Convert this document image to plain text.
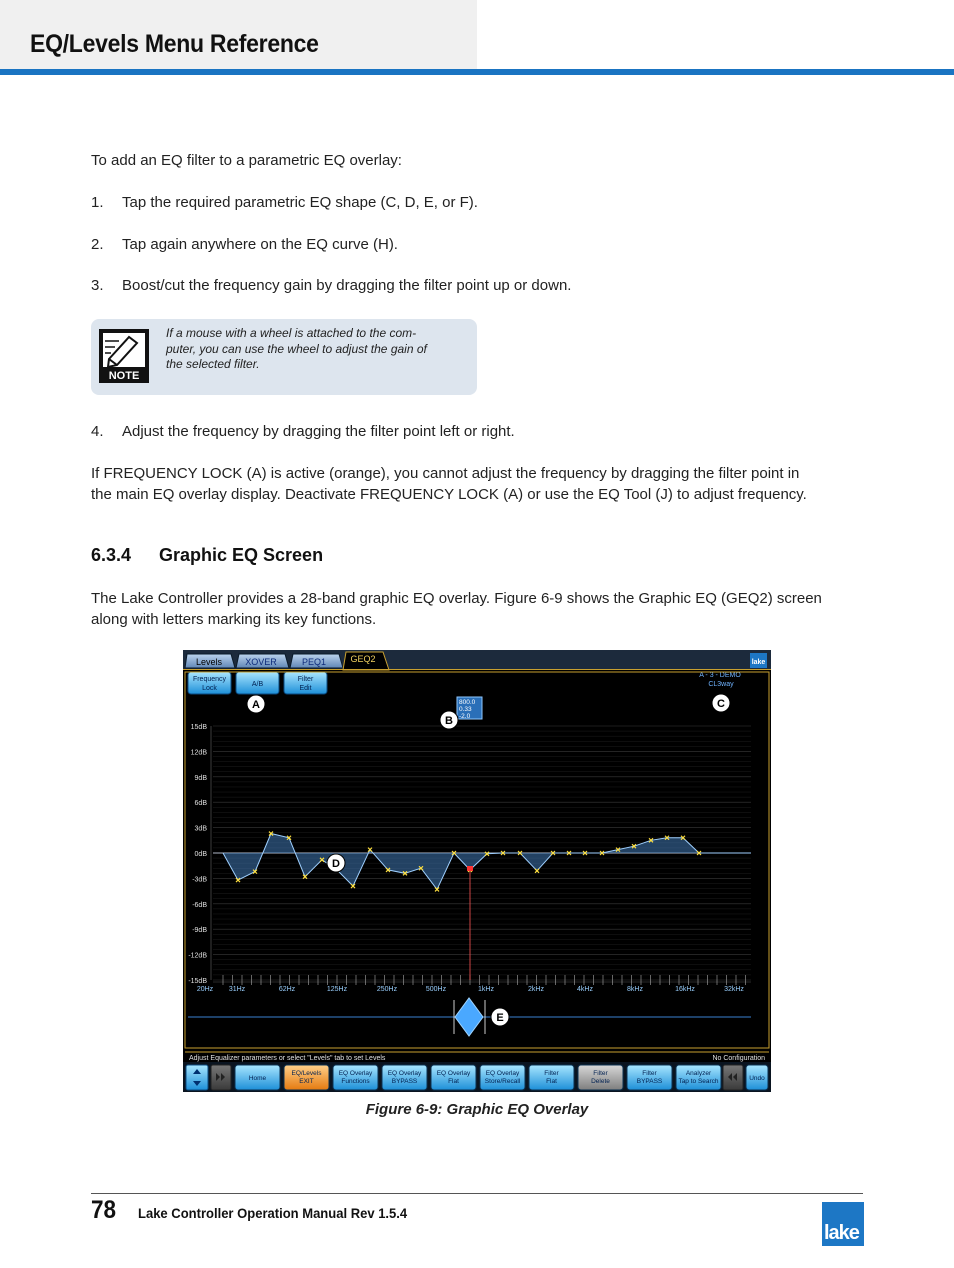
EQ/Levels Menu Reference
To add an EQ filter to a parametric EQ overlay:
1. Tap the required parametric EQ shape (C, D, E, or F).
2. Tap again anywhere on the EQ curve (H).
3. Boost/cut the frequency gain by dragging the filter point up or down.
NOTE
If a mouse with a wheel is attached to the com-
puter, you can use the wheel to adjust the gain of
the selected filter.
4. Adjust the frequency by dragging the filter point left or right.
If FREQUENCY LOCK (A) is active (orange), you cannot adjust the frequency by dragging the filter point in
the main EQ overlay display. Deactivate FREQUENCY LOCK (A) or use the EQ Tool (J) to adjust frequency.
6.3.4 Graphic EQ Screen
The Lake Controller provides a 28-band graphic EQ overlay. Figure 6-9 shows the Graphic EQ (GEQ2) screen
along with letters marking its key functions.
Levels	XOVER	PEQ1	GEQ2	lake
Frequency
Lock
A/B
Filter
Edit
A - 3 - DEMO
CL3way
800.0
0.33
-2.0
15dB
12dB
9dB
6dB
3dB
0dB
-3dB
-6dB
-9dB
-12dB
-15dB
20Hz 31Hz	62Hz	125Hz	250Hz	500Hz	1kHz	2kHz	4kHz	8kHz	16kHz	32kHz
Adjust Equalizer parameters or select "Levels" tab to set Levels	No Configuration
Home
EQ/Levels
EXIT
EQ Overlay
Functions
EQ Overlay
BYPASS
EQ Overlay
Flat
EQ Overlay
Store/Recall
Filter
Flat
Filter
Delete
Filter
BYPASS
Analyzer
Tap to Search	Undo
A
B
C
D
E
Figure 6-9: Graphic EQ Overlay
78 Lake Controller Operation Manual Rev 1.5.4
lake
